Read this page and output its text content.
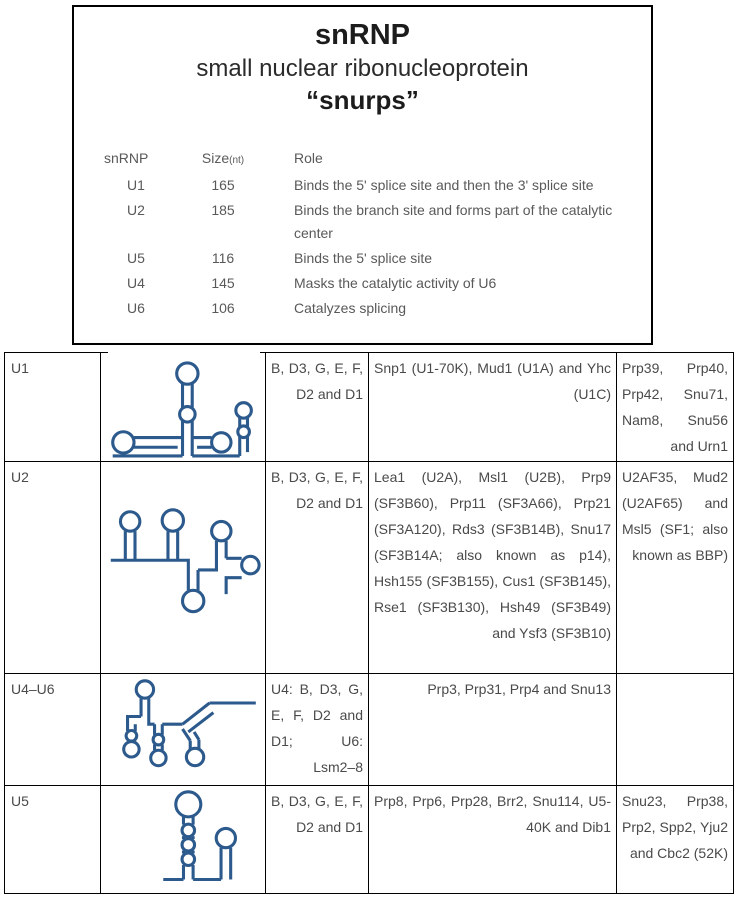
snRNP
small nuclear ribonucleoprotein
“snurps”
snRNP	Size(nt)	Role
U1	165	Binds the 5' splice site and then the 3' splice site
U2	185	Binds the branch site and forms part of the catalytic center
U5	116	Binds the 5' splice site
U4	145	Masks the catalytic activity of U6
U6	106	Catalyzes splicing
U1		B, D3, G, E, F, D2 and D1	Snp1 (U1-70K), Mud1 (U1A) and Yhc (U1C)	Prp39, Prp40, Prp42, Snu71, Nam8, Snu56 and Urn1
U2		B, D3, G, E, F, D2 and D1	Lea1 (U2A), Msl1 (U2B), Prp9 (SF3B60), Prp11 (SF3A66), Prp21 (SF3A120), Rds3 (SF3B14B), Snu17 (SF3B14A; also known as p14), Hsh155 (SF3B155), Cus1 (SF3B145), Rse1 (SF3B130), Hsh49 (SF3B49) and Ysf3 (SF3B10)	U2AF35, Mud2 (U2AF65) and Msl5 (SF1; also known as BBP)
U4–U6		U4: B, D3, G, E, F, D2 and D1; U6: Lsm2–8	Prp3, Prp31, Prp4 and Snu13	
U5		B, D3, G, E, F, D2 and D1	Prp8, Prp6, Prp28, Brr2, Snu114, U5-40K and Dib1	Snu23, Prp38, Prp2, Spp2, Yju2 and Cbc2 (52K)
